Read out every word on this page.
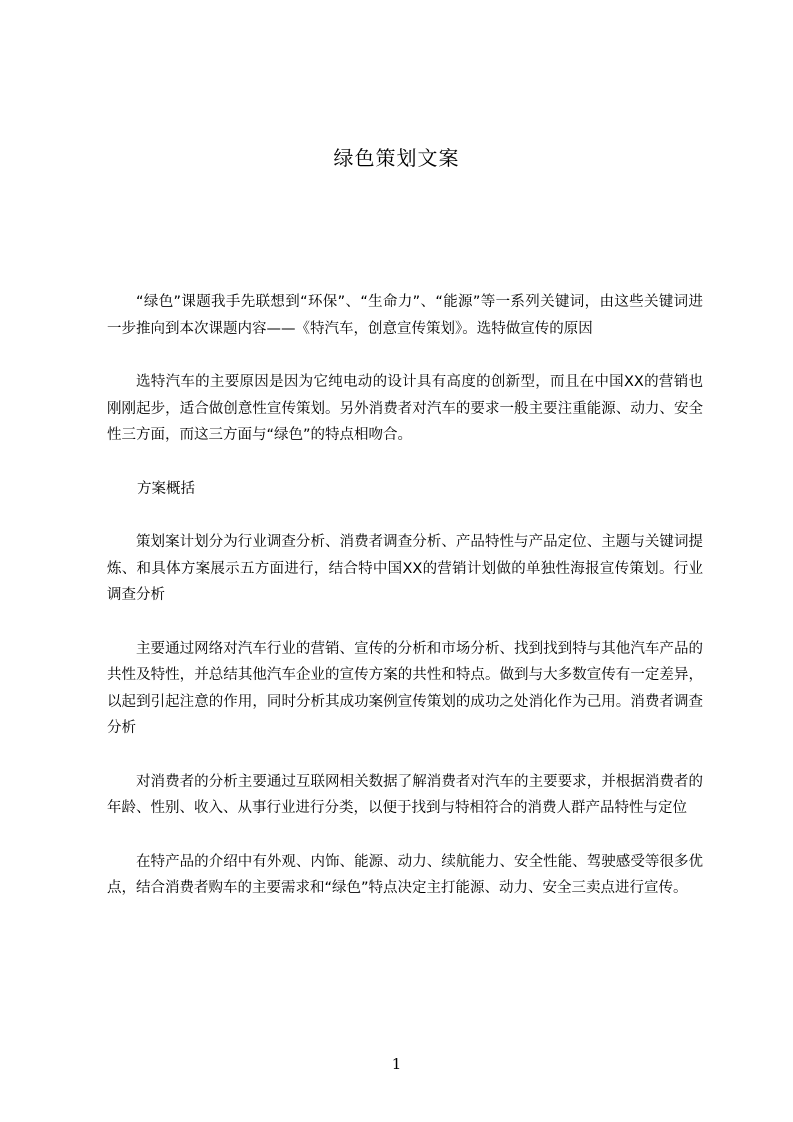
绿色策划文案

“绿色”课题我手先联想到“环保”、“生命力”、“能源”等一系列关键词，由这些关键词进一步推向到本次课题内容——《特汽车，创意宣传策划》。选特做宣传的原因

选特汽车的主要原因是因为它纯电动的设计具有高度的创新型，而且在中国XX的营销也刚刚起步，适合做创意性宣传策划。另外消费者对汽车的要求一般主要注重能源、动力、安全性三方面，而这三方面与“绿色”的特点相吻合。

方案概括

策划案计划分为行业调查分析、消费者调查分析、产品特性与产品定位、主题与关键词提炼、和具体方案展示五方面进行，结合特中国XX的营销计划做的单独性海报宣传策划。行业调查分析

主要通过网络对汽车行业的营销、宣传的分析和市场分析、找到找到特与其他汽车产品的共性及特性，并总结其他汽车企业的宣传方案的共性和特点。做到与大多数宣传有一定差异，以起到引起注意的作用，同时分析其成功案例宣传策划的成功之处消化作为己用。消费者调查分析

对消费者的分析主要通过互联网相关数据了解消费者对汽车的主要要求，并根据消费者的年龄、性别、收入、从事行业进行分类，以便于找到与特相符合的消费人群产品特性与定位

在特产品的介绍中有外观、内饰、能源、动力、续航能力、安全性能、驾驶感受等很多优点，结合消费者购车的主要需求和“绿色”特点决定主打能源、动力、安全三卖点进行宣传。

1
